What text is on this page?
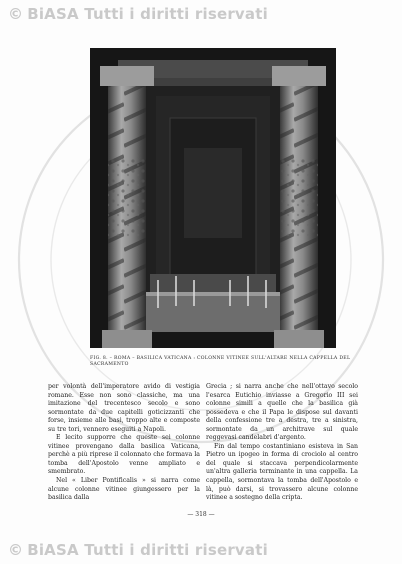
© BiASA Tutti i diritti riservati
FIG. 8. – ROMA – BASILICA VATICANA : COLONNE VITINEE SULL'ALTARE NELLA CAPPELLA DEL SACRAMENTO

per volontà dell'imperatore avido di vestigia romane. Esse non sono classiche, ma una imitazione del trecentesco secolo e sono sormontate da due capitelli goticizzanti che forse, insieme alle basi, troppo alte e composte su tre tori, vennero eseguiti a Napoli.

E lecito supporre che queste sei colonne vitinee provengano dalla basilica Vaticana, perchè a più riprese il colonnato che formava la tomba dell'Apostolo venne ampliato e smembrato.

Nel « Liber Pontificalis » si narra come alcune colonne vitinee giungessero per la basilica dalla

Grecia ; si narra anche che nell'ottavo secolo l'esarca Eutichio inviasse a Gregorio III sei colonne simili a quelle che la basilica già possedeva e che il Papa le dispose sul davanti della confessione tre a destra, tre a sinistra, sormontate da un architrave sul quale reggevasi candelabri d'argento.

Fin dal tempo costantiniano esisteva in San Pietro un ipogeo in forma di crociolo al centro del quale si staccava perpendicolarmente un'altra galleria terminante in una cappella. La cappella, sormontava la tomba dell'Apostolo e là, può darsi, si trovassero alcune colonne vitinee a sostegno della cripta.

— 318 —
© BiASA Tutti i diritti riservati
